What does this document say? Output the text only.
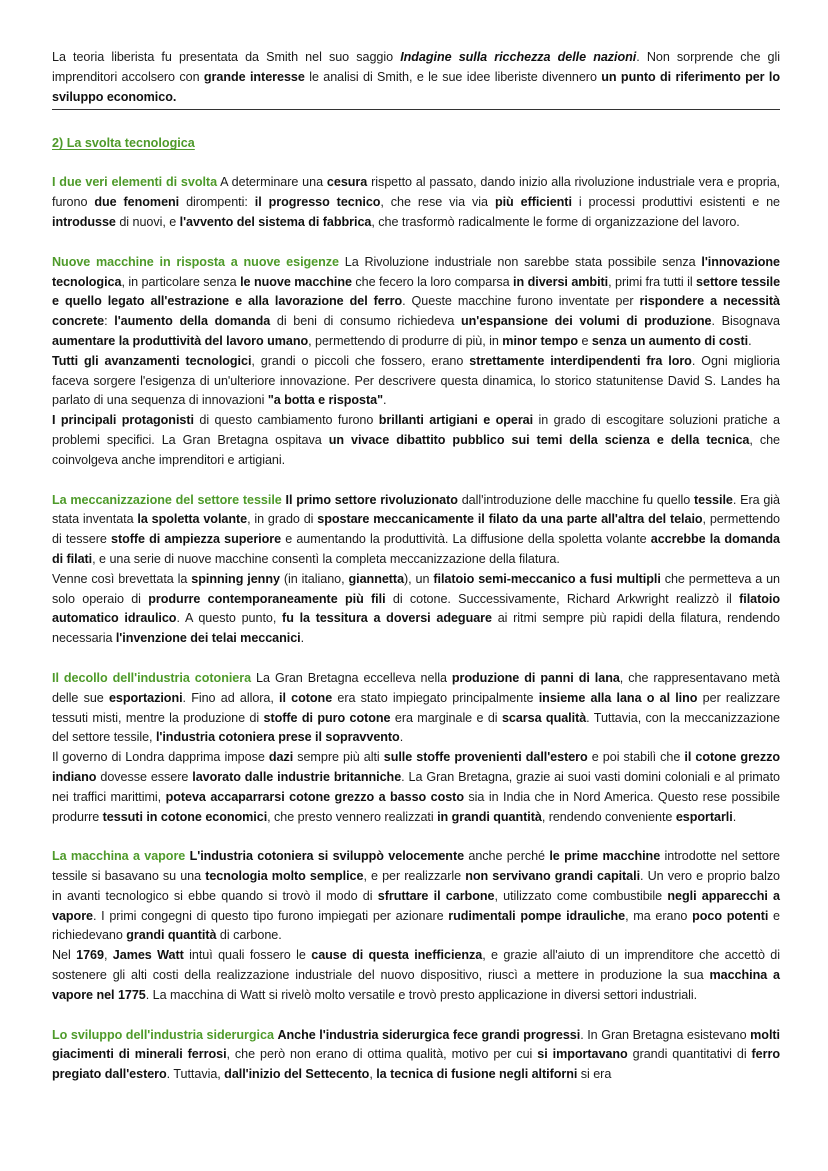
La teoria liberista fu presentata da Smith nel suo saggio Indagine sulla ricchezza delle nazioni. Non sorprende che gli imprenditori accolsero con grande interesse le analisi di Smith, e le sue idee liberiste divennero un punto di riferimento per lo sviluppo economico.

2) La svolta tecnologica

I due veri elementi di svolta A determinare una cesura rispetto al passato, dando inizio alla rivoluzione industriale vera e propria, furono due fenomeni dirompenti: il progresso tecnico, che rese via via più efficienti i processi produttivi esistenti e ne introdusse di nuovi, e l'avvento del sistema di fabbrica, che trasformò radicalmente le forme di organizzazione del lavoro.

Nuove macchine in risposta a nuove esigenze La Rivoluzione industriale non sarebbe stata possibile senza l'innovazione tecnologica, in particolare senza le nuove macchine che fecero la loro comparsa in diversi ambiti, primi fra tutti il settore tessile e quello legato all'estrazione e alla lavorazione del ferro. Queste macchine furono inventate per rispondere a necessità concrete: l'aumento della domanda di beni di consumo richiedeva un'espansione dei volumi di produzione. Bisognava aumentare la produttività del lavoro umano, permettendo di produrre di più, in minor tempo e senza un aumento di costi.

Tutti gli avanzamenti tecnologici, grandi o piccoli che fossero, erano strettamente interdipendenti fra loro. Ogni miglioria faceva sorgere l'esigenza di un'ulteriore innovazione. Per descrivere questa dinamica, lo storico statunitense David S. Landes ha parlato di una sequenza di innovazioni "a botta e risposta".

I principali protagonisti di questo cambiamento furono brillanti artigiani e operai in grado di escogitare soluzioni pratiche a problemi specifici. La Gran Bretagna ospitava un vivace dibattito pubblico sui temi della scienza e della tecnica, che coinvolgeva anche imprenditori e artigiani.

La meccanizzazione del settore tessile Il primo settore rivoluzionato dall'introduzione delle macchine fu quello tessile. Era già stata inventata la spoletta volante, in grado di spostare meccanicamente il filato da una parte all'altra del telaio, permettendo di tessere stoffe di ampiezza superiore e aumentando la produttività. La diffusione della spoletta volante accrebbe la domanda di filati, e una serie di nuove macchine consentì la completa meccanizzazione della filatura.

Venne così brevettata la spinning jenny (in italiano, giannetta), un filatoio semi-meccanico a fusi multipli che permetteva a un solo operaio di produrre contemporaneamente più fili di cotone. Successivamente, Richard Arkwright realizzò il filatoio automatico idraulico. A questo punto, fu la tessitura a doversi adeguare ai ritmi sempre più rapidi della filatura, rendendo necessaria l'invenzione dei telai meccanici.

Il decollo dell'industria cotoniera La Gran Bretagna eccelleva nella produzione di panni di lana, che rappresentavano metà delle sue esportazioni. Fino ad allora, il cotone era stato impiegato principalmente insieme alla lana o al lino per realizzare tessuti misti, mentre la produzione di stoffe di puro cotone era marginale e di scarsa qualità. Tuttavia, con la meccanizzazione del settore tessile, l'industria cotoniera prese il sopravvento.

Il governo di Londra dapprima impose dazi sempre più alti sulle stoffe provenienti dall'estero e poi stabilì che il cotone grezzo indiano dovesse essere lavorato dalle industrie britanniche. La Gran Bretagna, grazie ai suoi vasti domini coloniali e al primato nei traffici marittimi, poteva accaparrarsi cotone grezzo a basso costo sia in India che in Nord America. Questo rese possibile produrre tessuti in cotone economici, che presto vennero realizzati in grandi quantità, rendendo conveniente esportarli.

La macchina a vapore L'industria cotoniera si sviluppò velocemente anche perché le prime macchine introdotte nel settore tessile si basavano su una tecnologia molto semplice, e per realizzarle non servivano grandi capitali. Un vero e proprio balzo in avanti tecnologico si ebbe quando si trovò il modo di sfruttare il carbone, utilizzato come combustibile negli apparecchi a vapore. I primi congegni di questo tipo furono impiegati per azionare rudimentali pompe idrauliche, ma erano poco potenti e richiedevano grandi quantità di carbone.

Nel 1769, James Watt intuì quali fossero le cause di questa inefficienza, e grazie all'aiuto di un imprenditore che accettò di sostenere gli alti costi della realizzazione industriale del nuovo dispositivo, riuscì a mettere in produzione la sua macchina a vapore nel 1775. La macchina di Watt si rivelò molto versatile e trovò presto applicazione in diversi settori industriali.

Lo sviluppo dell'industria siderurgica Anche l'industria siderurgica fece grandi progressi. In Gran Bretagna esistevano molti giacimenti di minerali ferrosi, che però non erano di ottima qualità, motivo per cui si importavano grandi quantitativi di ferro pregiato dall'estero. Tuttavia, dall'inizio del Settecento, la tecnica di fusione negli altiforni si era
